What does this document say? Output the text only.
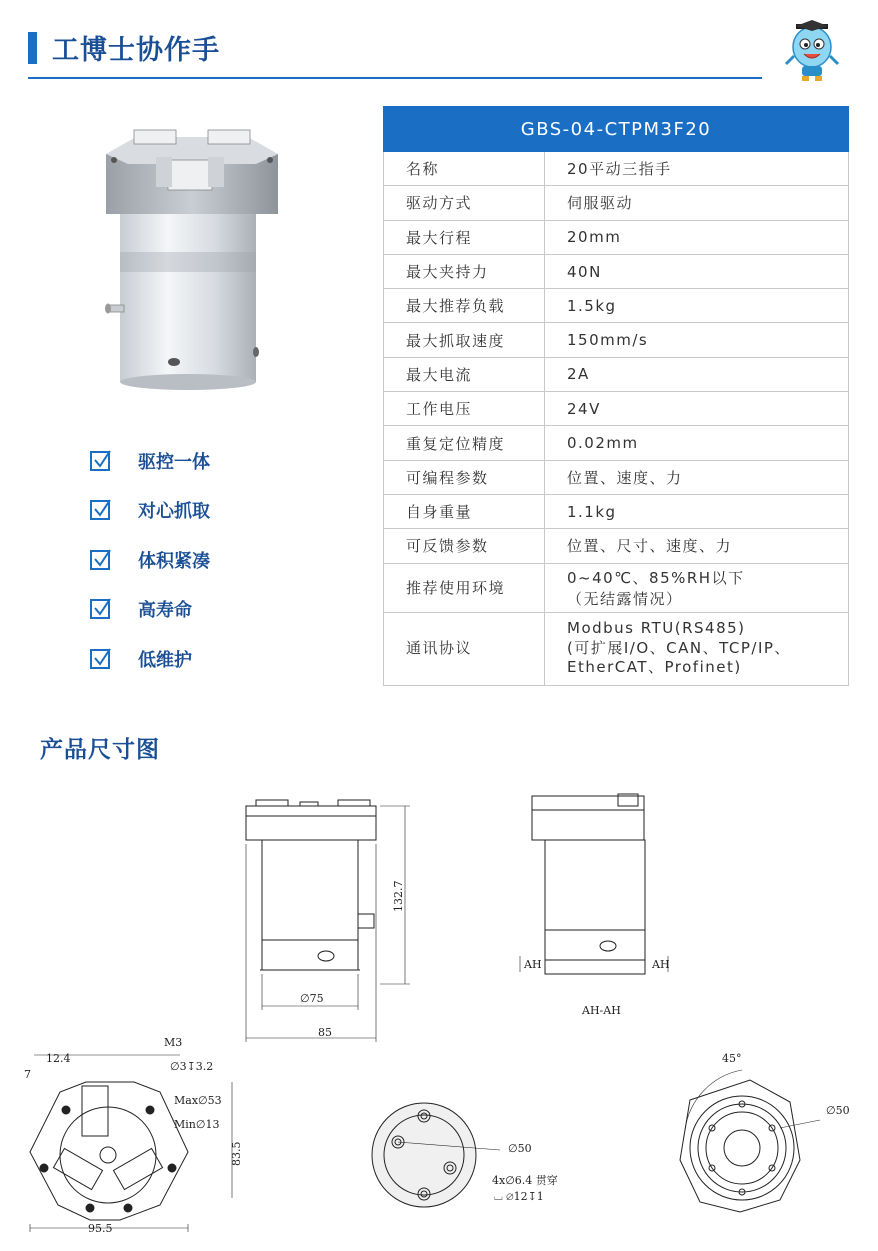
工博士协作手
驱控一体
对心抓取
体积紧凑
高寿命
低维护
GBS-04-CTPM3F20	
名称	20平动三指手
驱动方式	伺服驱动
最大行程	20mm
最大夹持力	40N
最大推荐负载	1.5kg
最大抓取速度	150mm/s
最大电流	2A
工作电压	24V
重复定位精度	0.02mm
可编程参数	位置、速度、力
自身重量	1.1kg
可反馈参数	位置、尺寸、速度、力
推荐使用环境	0~40℃、85%RH以下
（无结露情况）

通讯协议	Modbus RTU(RS485)
(可扩展I/O、CAN、TCP/IP、
EtherCAT、Profinet)
产品尺寸图
132.7
∅75
85
AH	AH
AH-AH
M3
12.4
7
∅3↧3.2
Max∅53
Min∅13
83.5
95.5
∅50
4x∅6.4 贯穿
⌴ ∅12↧1
45°
∅50
